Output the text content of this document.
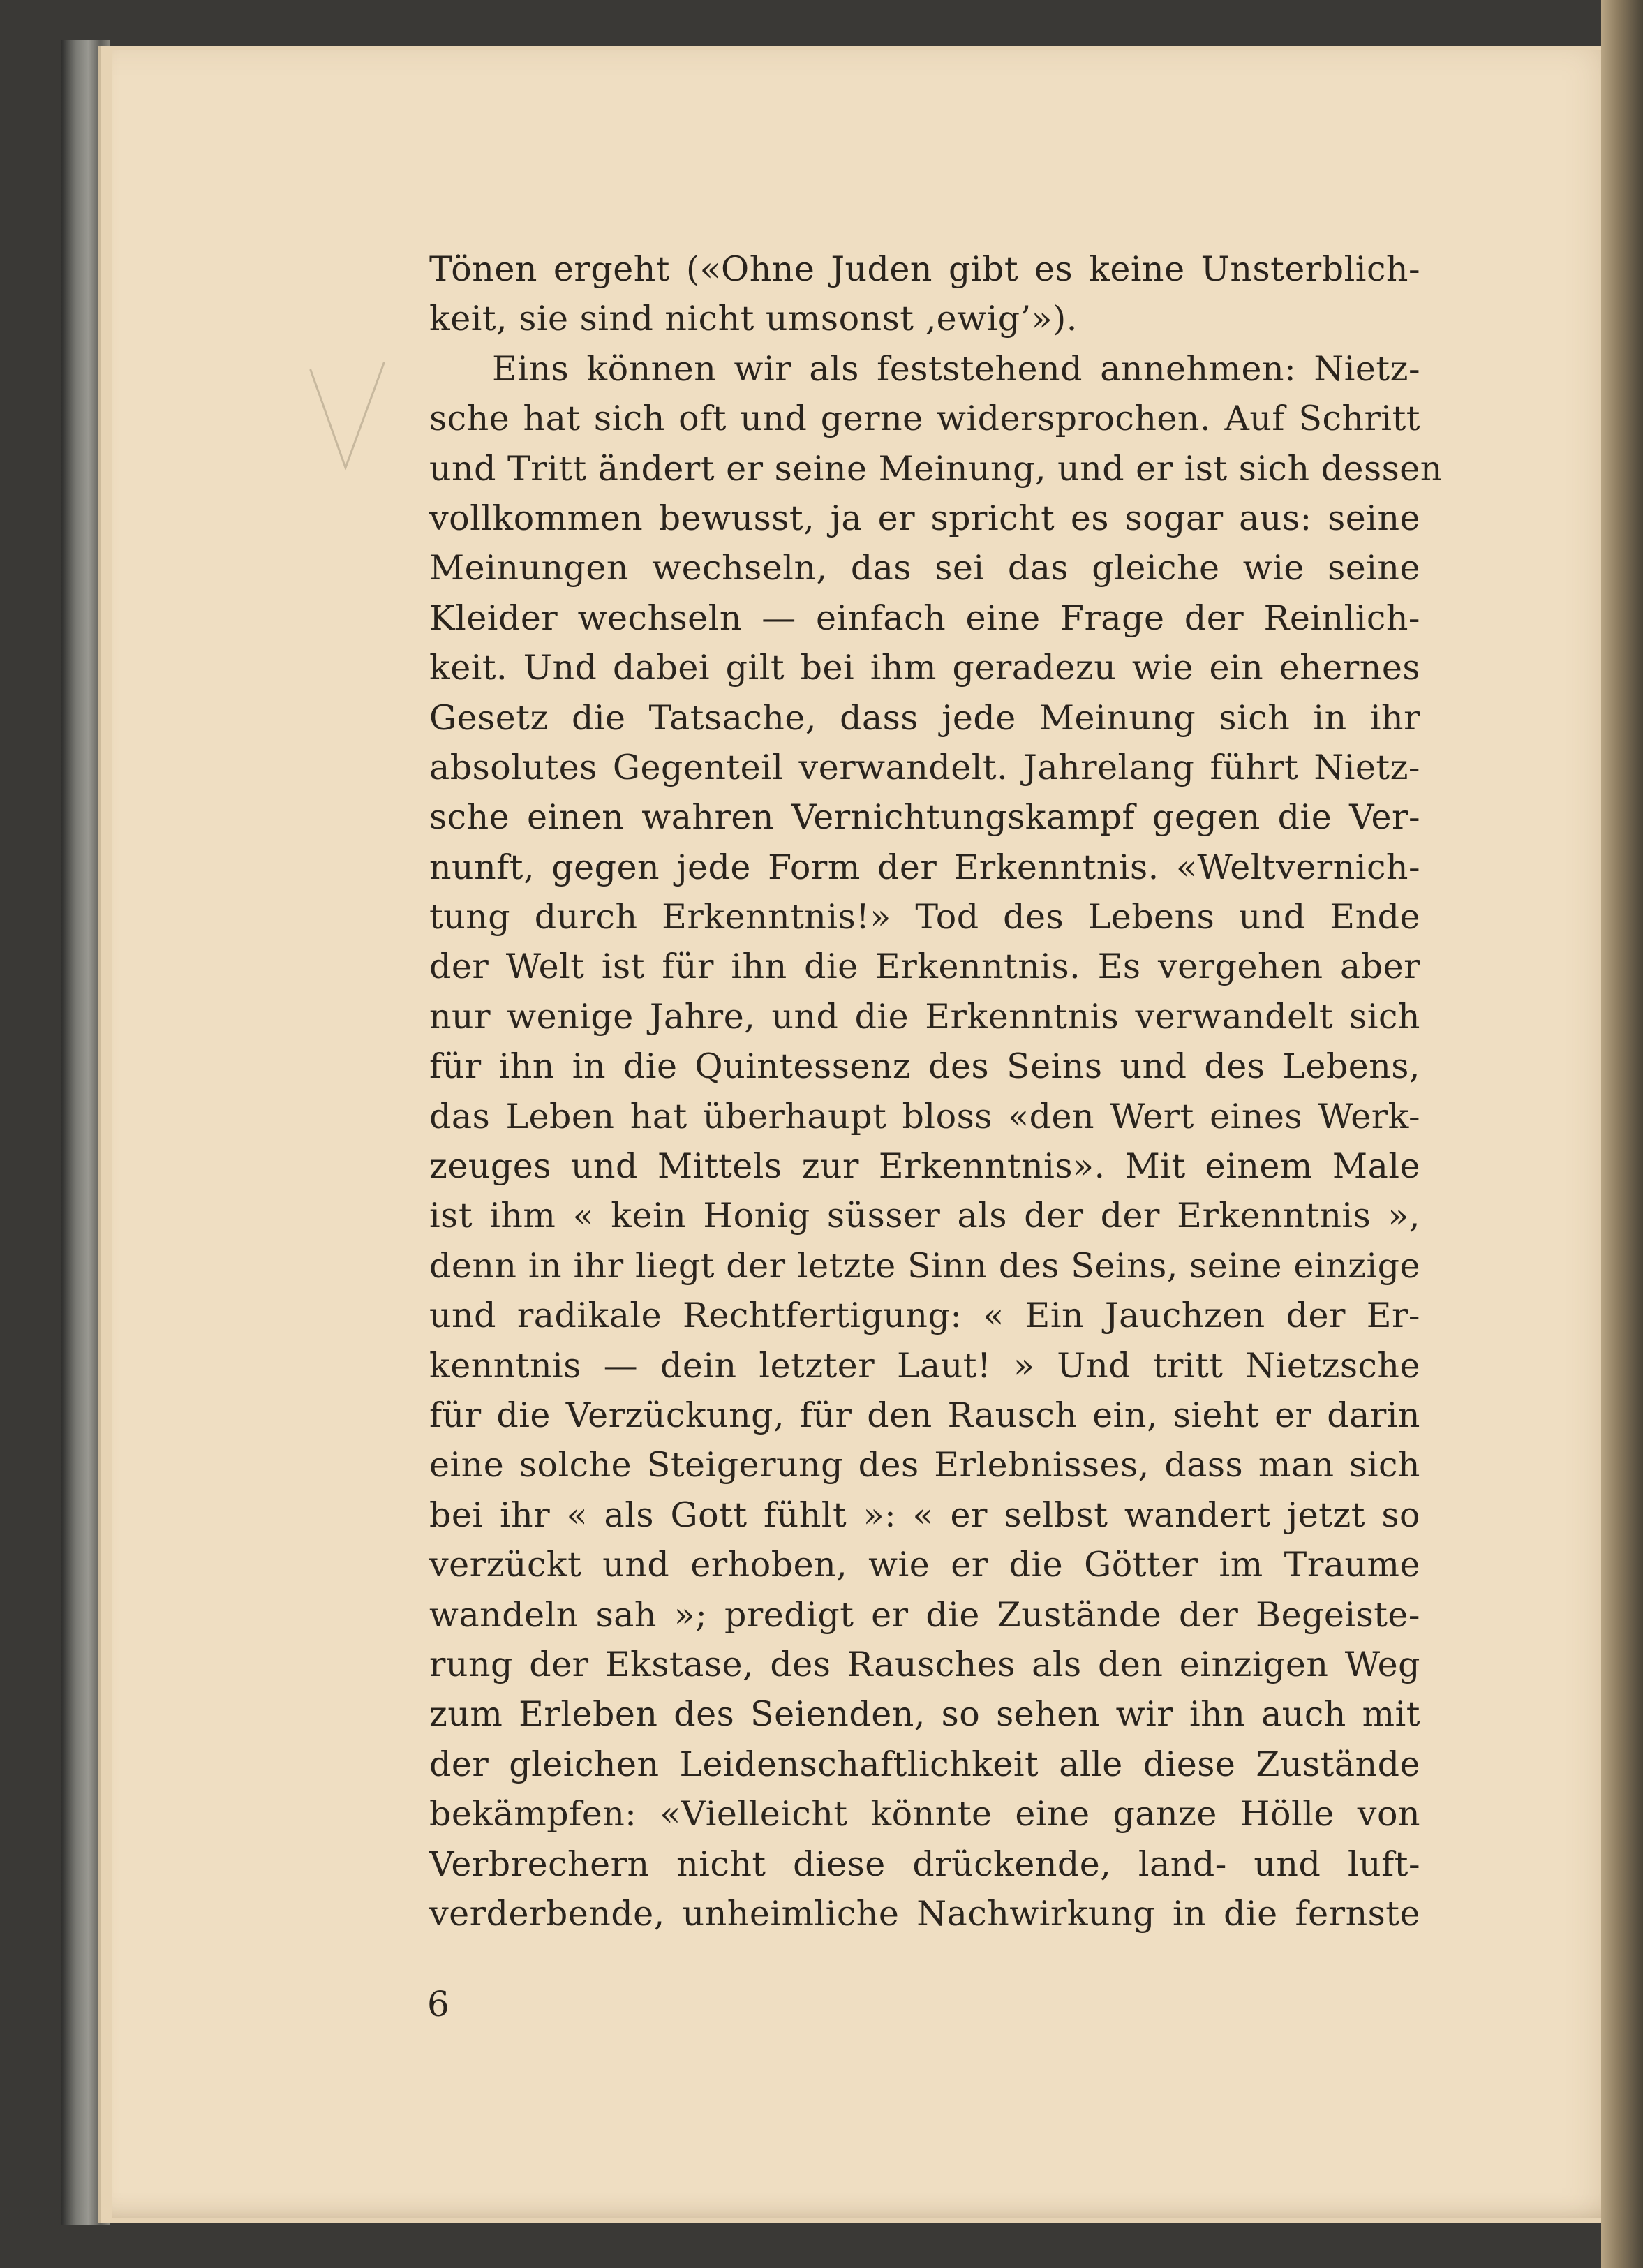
Tönen ergeht («Ohne Juden gibt es keine Unsterblich-
keit, sie sind nicht umsonst ‚ewig’»).
Eins können wir als feststehend annehmen: Nietz-
sche hat sich oft und gerne widersprochen. Auf Schritt
und Tritt ändert er seine Meinung, und er ist sich dessen
vollkommen bewusst, ja er spricht es sogar aus: seine
Meinungen wechseln, das sei das gleiche wie seine
Kleider wechseln — einfach eine Frage der Reinlich-
keit. Und dabei gilt bei ihm geradezu wie ein ehernes
Gesetz die Tatsache, dass jede Meinung sich in ihr
absolutes Gegenteil verwandelt. Jahrelang führt Nietz-
sche einen wahren Vernichtungskampf gegen die Ver-
nunft, gegen jede Form der Erkenntnis. «Weltvernich-
tung durch Erkenntnis!» Tod des Lebens und Ende
der Welt ist für ihn die Erkenntnis. Es vergehen aber
nur wenige Jahre, und die Erkenntnis verwandelt sich
für ihn in die Quintessenz des Seins und des Lebens,
das Leben hat überhaupt bloss «den Wert eines Werk-
zeuges und Mittels zur Erkenntnis». Mit einem Male
ist ihm « kein Honig süsser als der der Erkenntnis »,
denn in ihr liegt der letzte Sinn des Seins, seine einzige
und radikale Rechtfertigung: « Ein Jauchzen der Er-
kenntnis — dein letzter Laut! » Und tritt Nietzsche
für die Verzückung, für den Rausch ein, sieht er darin
eine solche Steigerung des Erlebnisses, dass man sich
bei ihr « als Gott fühlt »: « er selbst wandert jetzt so
verzückt und erhoben, wie er die Götter im Traume
wandeln sah »; predigt er die Zustände der Begeiste-
rung der Ekstase, des Rausches als den einzigen Weg
zum Erleben des Seienden, so sehen wir ihn auch mit
der gleichen Leidenschaftlichkeit alle diese Zustände
bekämpfen: «Vielleicht könnte eine ganze Hölle von
Verbrechern nicht diese drückende, land- und luft-
verderbende, unheimliche Nachwirkung in die fernste
6
